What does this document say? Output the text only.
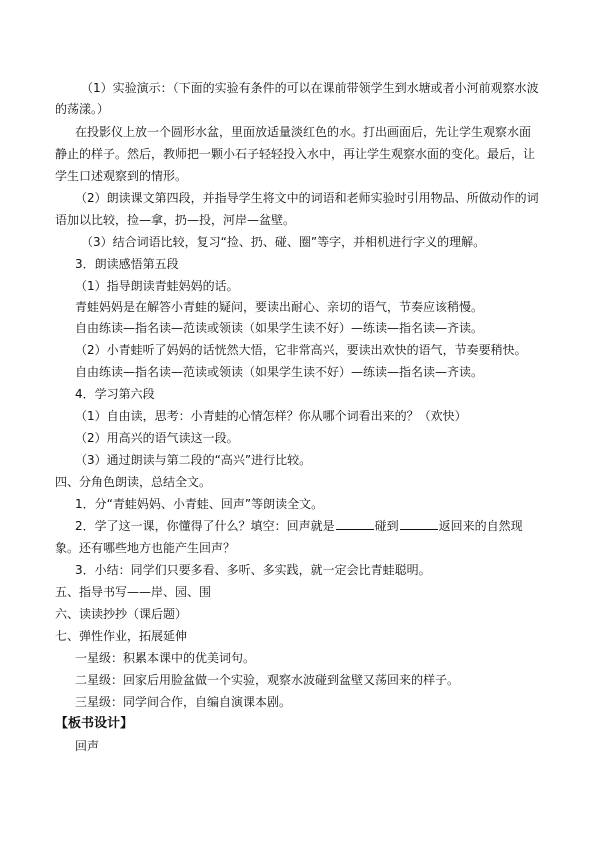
（1）实验演示：（下面的实验有条件的可以在课前带领学生到水塘或者小河前观察水波
的荡漾。）
在投影仪上放一个圆形水盆，里面放适量淡红色的水。打出画面后，先让学生观察水面
静止的样子。然后，教师把一颗小石子轻轻投入水中，再让学生观察水面的变化。最后，让
学生口述观察到的情形。
（2）朗读课文第四段，并指导学生将文中的词语和老师实验时引用物品、所做动作的词
语加以比较，捡—拿，扔—投，河岸—盆壁。
（3）结合词语比较，复习“捡、扔、碰、圈”等字，并相机进行字义的理解。
3．朗读感悟第五段
（1）指导朗读青蛙妈妈的话。
青蛙妈妈是在解答小青蛙的疑问，要读出耐心、亲切的语气，节奏应该稍慢。
自由练读—指名读—范读或领读（如果学生读不好）—练读—指名读—齐读。
（2）小青蛙听了妈妈的话恍然大悟，它非常高兴，要读出欢快的语气，节奏要稍快。
自由练读—指名读—范读或领读（如果学生读不好）—练读—指名读—齐读。
4．学习第六段
（1）自由读，思考：小青蛙的心情怎样？你从哪个词看出来的？（欢快）
（2）用高兴的语气读这一段。
（3）通过朗读与第二段的“高兴”进行比较。
四、分角色朗读，总结全文。
1．分“青蛙妈妈、小青蛙、回声”等朗读全文。
2．学了这一课，你懂得了什么？填空：回声就是	碰到	返回来的自然现
象。还有哪些地方也能产生回声？
3．小结：同学们只要多看、多听、多实践，就一定会比青蛙聪明。
五、指导书写——岸、园、围
六、读读抄抄（课后题）
七、弹性作业，拓展延伸
一星级：积累本课中的优美词句。
二星级：回家后用脸盆做一个实验，观察水波碰到盆壁又荡回来的样子。
三星级：同学间合作，自编自演课本剧。
【板书设计】
回声
